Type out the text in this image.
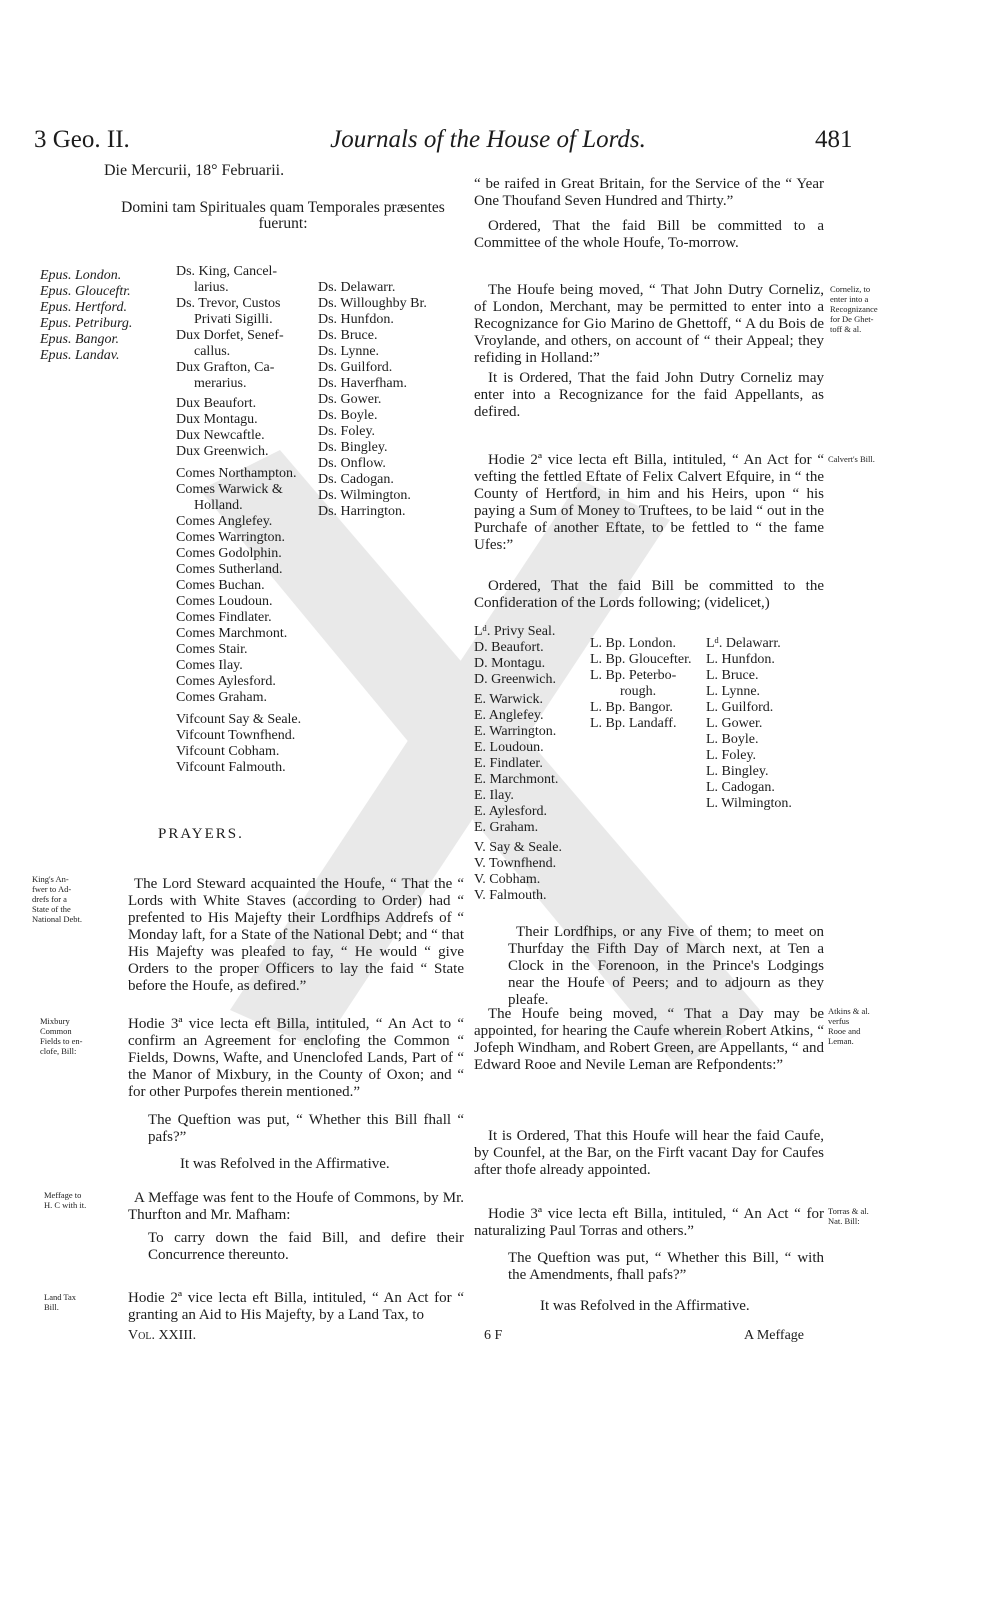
3 Geo. II.	Journals of the House of Lords.	481
Die Mercurii, 18° Februarii.
Domini tam Spirituales quam Temporales præsentes fuerunt:
Epus. London.
Epus. Glouceftr.
Epus. Hertford.
Epus. Petriburg.
Epus. Bangor.
Epus. Landav.
Ds. King, Cancel-
larius.
Ds. Trevor, Custos
Privati Sigilli.
Dux Dorfet, Senef-
callus.
Dux Grafton, Ca-
merarius.
Dux Beaufort.
Dux Montagu.
Dux Newcaftle.
Dux Greenwich.
Comes Northampton.
Comes Warwick &
Holland.
Comes Anglefey.
Comes Warrington.
Comes Godolphin.
Comes Sutherland.
Comes Buchan.
Comes Loudoun.
Comes Findlater.
Comes Marchmont.
Comes Stair.
Comes Ilay.
Comes Aylesford.
Comes Graham.
Vifcount Say & Seale.
Vifcount Townfhend.
Vifcount Cobham.
Vifcount Falmouth.
Ds. Delawarr.
Ds. Willoughby Br.
Ds. Hunfdon.
Ds. Bruce.
Ds. Lynne.
Ds. Guilford.
Ds. Haverfham.
Ds. Gower.
Ds. Boyle.
Ds. Foley.
Ds. Bingley.
Ds. Onflow.
Ds. Cadogan.
Ds. Wilmington.
Ds. Harrington.
PRAYERS.
King's An-
fwer to Ad-
drefs for a
State of the
National Debt.
Mixbury
Common
Fields to en-
clofe, Bill:
Meffage to
H. C with it.
Land Tax
Bill.
The Lord Steward acquainted the Houfe, “ That the “ Lords with White Staves (according to Order) had “ prefented to His Majefty their Lordfhips Addrefs of “ Monday laft, for a State of the National Debt; and “ that His Majefty was pleafed to fay, “ He would “ give Orders to the proper Officers to lay the faid “ State before the Houfe, as defired.”
Hodie 3ª vice lecta eft Billa, intituled, “ An Act to “ confirm an Agreement for enclofing the Common “ Fields, Downs, Wafte, and Unenclofed Lands, Part of “ the Manor of Mixbury, in the County of Oxon; and “ for other Purpofes therein mentioned.”
The Queftion was put, “ Whether this Bill fhall “ pafs?”
It was Refolved in the Affirmative.
A Meffage was fent to the Houfe of Commons, by Mr. Thurfton and Mr. Mafham:
To carry down the faid Bill, and defire their Concurrence thereunto.
Hodie 2ª vice lecta eft Billa, intituled, “ An Act for “ granting an Aid to His Majefty, by a Land Tax, to
Vol. XXIII.
“ be raifed in Great Britain, for the Service of the “ Year One Thoufand Seven Hundred and Thirty.”
Ordered, That the faid Bill be committed to a Committee of the whole Houfe, To-morrow.
The Houfe being moved, “ That John Dutry Corneliz, of London, Merchant, may be permitted to enter into a Recognizance for Gio Marino de Ghettoff, “ A du Bois de Vroylande, and others, on account of “ their Appeal; they refiding in Holland:”
It is Ordered, That the faid John Dutry Corneliz may enter into a Recognizance for the faid Appellants, as defired.
Hodie 2ª vice lecta eft Billa, intituled, “ An Act for “ vefting the fettled Eftate of Felix Calvert Efquire, in “ the County of Hertford, in him and his Heirs, upon “ his paying a Sum of Money to Truftees, to be laid “ out in the Purchafe of another Eftate, to be fettled to “ the fame Ufes:”
Ordered, That the faid Bill be committed to the Confideration of the Lords following; (videlicet,)
Corneliz, to
enter into a
Recognizance
for De Ghet-
toff & al.
Calvert's Bill.
Atkins & al.
verfus
Rooe and
Leman.
Torras & al.
Nat. Bill:
Lᵈ. Privy Seal.
D. Beaufort.
D. Montagu.
D. Greenwich.
E. Warwick.
E. Anglefey.
E. Warrington.
E. Loudoun.
E. Findlater.
E. Marchmont.
E. Ilay.
E. Aylesford.
E. Graham.
V. Say & Seale.
V. Townfhend.
V. Cobham.
V. Falmouth.
L. Bp. London.
L. Bp. Gloucefter.
L. Bp. Peterbo-
rough.
L. Bp. Bangor.
L. Bp. Landaff.
Lᵈ. Delawarr.
L. Hunfdon.
L. Bruce.
L. Lynne.
L. Guilford.
L. Gower.
L. Boyle.
L. Foley.
L. Bingley.
L. Cadogan.
L. Wilmington.
Their Lordfhips, or any Five of them; to meet on Thurfday the Fifth Day of March next, at Ten a Clock in the Forenoon, in the Prince's Lodgings near the Houfe of Peers; and to adjourn as they pleafe.
The Houfe being moved, “ That a Day may be appointed, for hearing the Caufe wherein Robert Atkins, “ Jofeph Windham, and Robert Green, are Appellants, “ and Edward Rooe and Nevile Leman are Refpondents:”
It is Ordered, That this Houfe will hear the faid Caufe, by Counfel, at the Bar, on the Firft vacant Day for Caufes after thofe already appointed.
Hodie 3ª vice lecta eft Billa, intituled, “ An Act “ for naturalizing Paul Torras and others.”
The Queftion was put, “ Whether this Bill, “ with the Amendments, fhall pafs?”
It was Refolved in the Affirmative.
6 F	A Meffage
